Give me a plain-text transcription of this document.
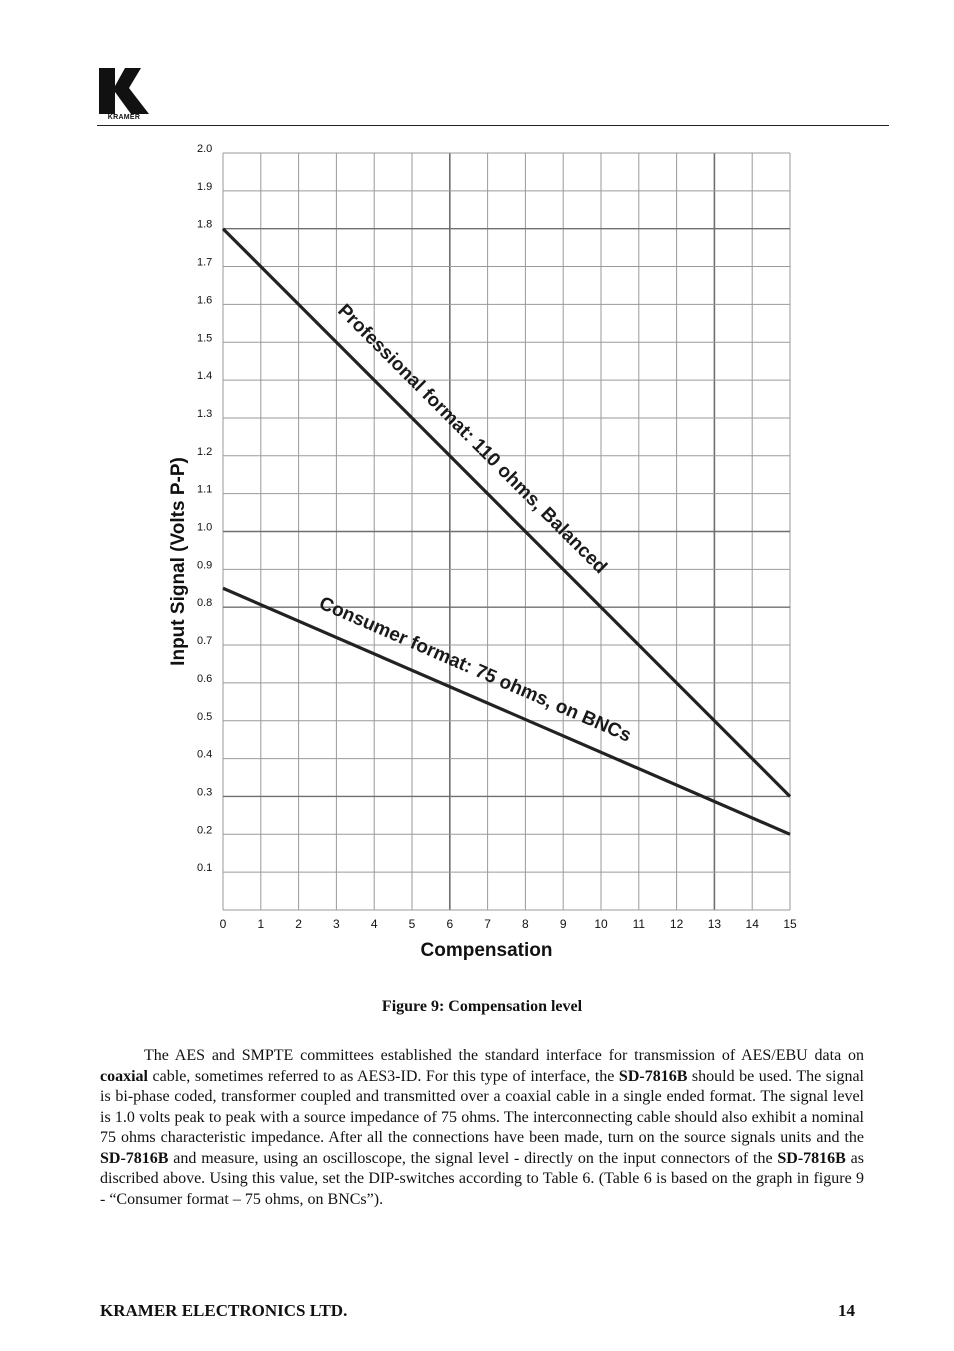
KRAMER
0	1	2	3	4	5	6	7	8	9 10 11 12 13 14 15
2.0
1.9
1.8
1.7
1.6
1.5
1.4
1.3
1.2
1.1
1.0
0.9
0.8
0.7
0.6
0.5
0.4
0.3
0.2
0.1
Professional format: 110 ohms, Balanced
Consumer format: 75 ohms, on BNCs
Compensation
Input Signal (Volts P-P)
Figure 9: Compensation level

The AES and SMPTE committees established the standard interface for transmission of AES/EBU data on coaxial cable, sometimes referred to as AES3-ID. For this type of interface, the SD-7816B should be used. The signal is bi-phase coded, transformer coupled and transmitted over a coaxial cable in a single ended format. The signal level is 1.0 volts peak to peak with a source impedance of 75 ohms. The interconnecting cable should also exhibit a nominal 75 ohms characteristic impedance. After all the connections have been made, turn on the source signals units and the SD-7816B and measure, using an oscilloscope, the signal level - directly on the input connectors of the SD-7816B as discribed above. Using this value, set the DIP-switches according to Table 6. (Table 6 is based on the graph in figure 9 - “Consumer format – 75 ohms, on BNCs”).

KRAMER ELECTRONICS LTD.	14
